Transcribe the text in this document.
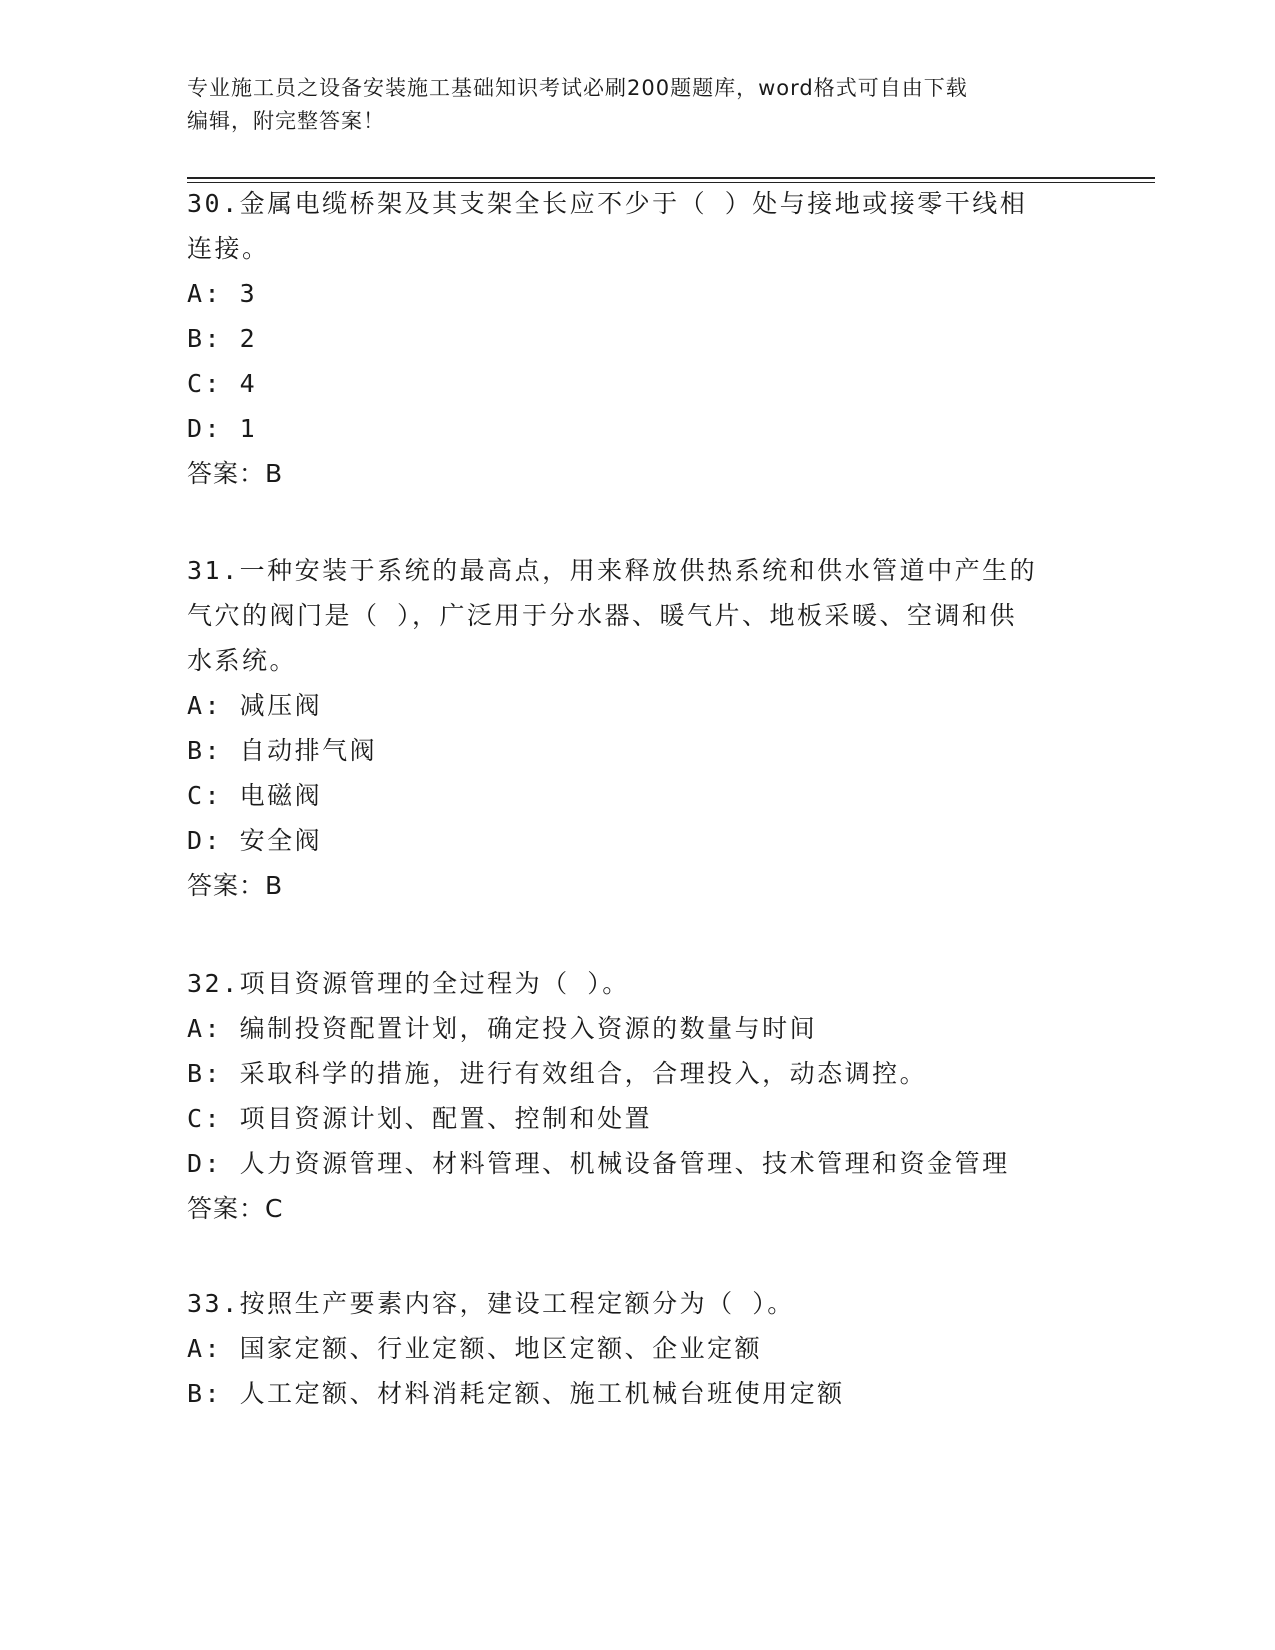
专业施工员之设备安装施工基础知识考试必刷200题题库，word格式可自由下载
编辑，附完整答案！
30.金属电缆桥架及其支架全长应不少于（ ）处与接地或接零干线相
连接。
A: 3
B: 2
C: 4
D: 1
答案：B
31.一种安装于系统的最高点，用来释放供热系统和供水管道中产生的
气穴的阀门是（ ），广泛用于分水器、暖气片、地板采暖、空调和供
水系统。
A: 减压阀
B: 自动排气阀
C: 电磁阀
D: 安全阀
答案：B
32.项目资源管理的全过程为（ ）。
A: 编制投资配置计划，确定投入资源的数量与时间
B: 采取科学的措施，进行有效组合，合理投入，动态调控。
C: 项目资源计划、配置、控制和处置
D: 人力资源管理、材料管理、机械设备管理、技术管理和资金管理
答案：C
33.按照生产要素内容，建设工程定额分为（ ）。
A: 国家定额、行业定额、地区定额、企业定额
B: 人工定额、材料消耗定额、施工机械台班使用定额
